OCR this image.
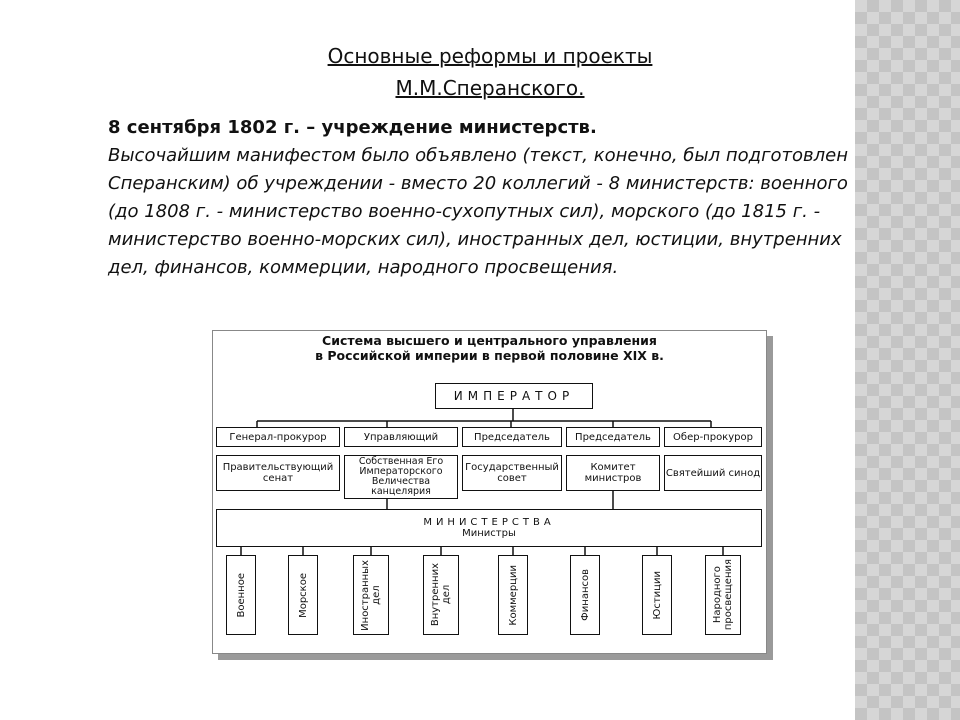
Основные реформы и проекты
М.М.Сперанского.
8 сентября 1802 г. – учреждение министерств.
Высочайшим манифестом было объявлено (текст, конечно, был подготовлен Сперанским) об учреждении - вместо 20 коллегий - 8 министерств: военного (до 1808 г. - министерство военно-сухопутных сил), морского (до 1815 г. - министерство военно-морских сил), иностранных дел, юстиции, внутренних дел, финансов, коммерции, народного просвещения.
Система высшего и центрального управления
в Российской империи в первой половине XIX в.
ИМПЕРАТОР
Генерал-прокурор	Управляющий	Председатель	Председатель	Обер-прокурор
Правительствующий сенат
Собственная Его Императорского Величества канцелярия
Государственный совет
Комитет министров	Святейший синод
МИНИСТЕРСТВА
Министры
Военное	Морское	Иностранных
дел	Внутренних
дел	Коммерции	Финансов	Юстиции	Народного
просвещения
